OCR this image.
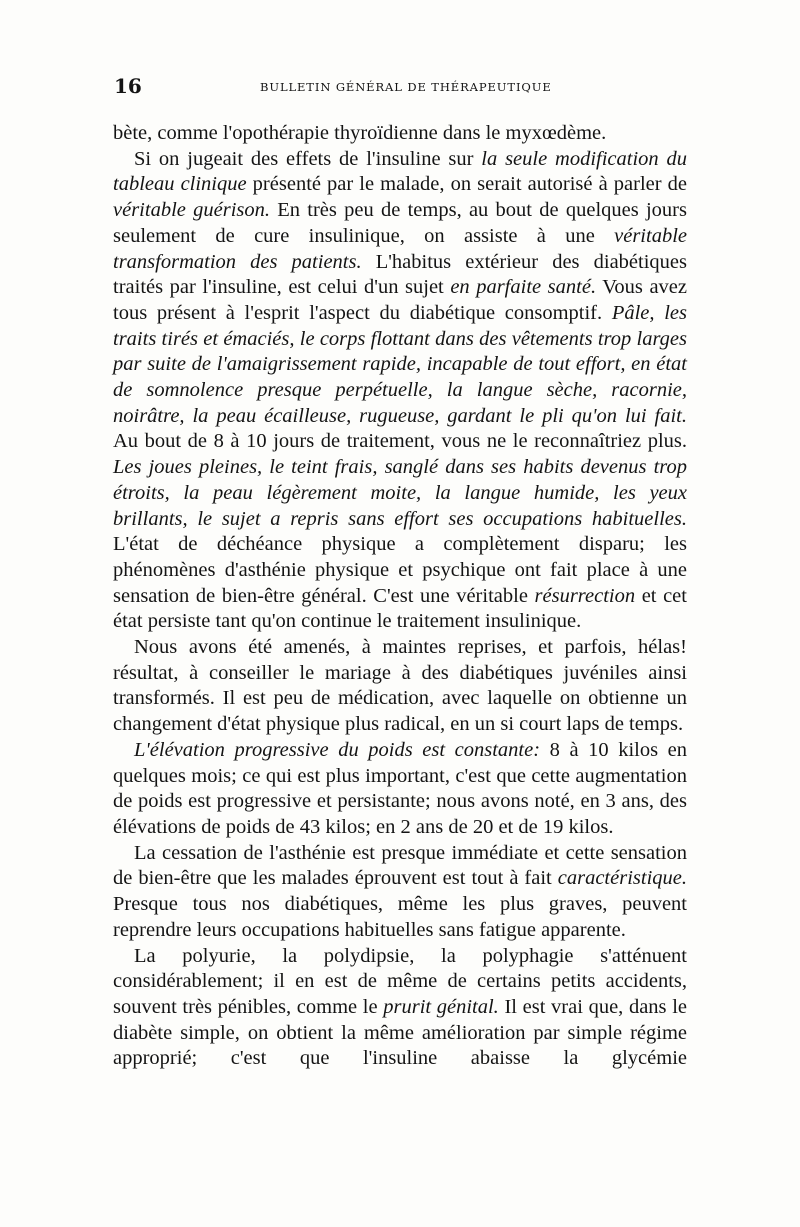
16	BULLETIN GÉNÉRAL DE THÉRAPEUTIQUE

bète, comme l'opothérapie thyroïdienne dans le myxœdème.

Si on jugeait des effets de l'insuline sur la seule modification du tableau clinique présenté par le malade, on serait autorisé à parler de véritable guérison. En très peu de temps, au bout de quelques jours seulement de cure insulinique, on assiste à une véritable transformation des patients. L'habitus extérieur des diabétiques traités par l'insuline, est celui d'un sujet en parfaite santé. Vous avez tous présent à l'esprit l'aspect du diabétique consomptif. Pâle, les traits tirés et émaciés, le corps flottant dans des vêtements trop larges par suite de l'amaigrissement rapide, incapable de tout effort, en état de somnolence presque perpétuelle, la langue sèche, racornie, noirâtre, la peau écailleuse, rugueuse, gardant le pli qu'on lui fait. Au bout de 8 à 10 jours de traitement, vous ne le reconnaîtriez plus. Les joues pleines, le teint frais, sanglé dans ses habits devenus trop étroits, la peau légèrement moite, la langue humide, les yeux brillants, le sujet a repris sans effort ses occupations habituelles. L'état de déchéance physique a complètement disparu; les phénomènes d'asthénie physique et psychique ont fait place à une sensation de bien-être général. C'est une véritable résurrection et cet état persiste tant qu'on continue le traitement insulinique.

Nous avons été amenés, à maintes reprises, et parfois, hélas! résultat, à conseiller le mariage à des diabétiques juvéniles ainsi transformés. Il est peu de médication, avec laquelle on obtienne un changement d'état physique plus radical, en un si court laps de temps.

L'élévation progressive du poids est constante: 8 à 10 kilos en quelques mois; ce qui est plus important, c'est que cette augmentation de poids est progressive et persistante; nous avons noté, en 3 ans, des élévations de poids de 43 kilos; en 2 ans de 20 et de 19 kilos.

La cessation de l'asthénie est presque immédiate et cette sensation de bien-être que les malades éprouvent est tout à fait caractéristique. Presque tous nos diabétiques, même les plus graves, peuvent reprendre leurs occupations habituelles sans fatigue apparente.

La polyurie, la polydipsie, la polyphagie s'atténuent considérablement; il en est de même de certains petits accidents, souvent très pénibles, comme le prurit génital. Il est vrai que, dans le diabète simple, on obtient la même amélioration par simple régime approprié; c'est que l'insuline abaisse la glycémie
